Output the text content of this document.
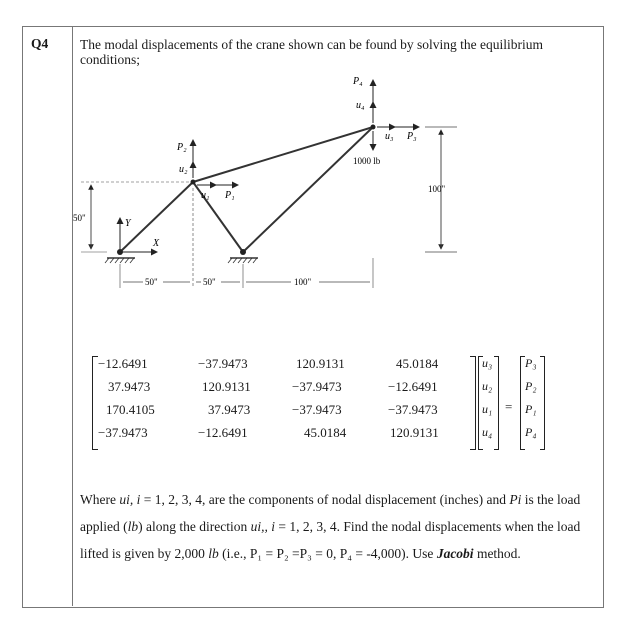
Q4 The modal displacements of the crane shown can be found by solving the equilibrium conditions;
Y
X
P₂
u₂
u₁ P₁
P₄
u₄
u₃ P₃
1000 lb
100"
50"
50"	50"	100"
−12.6491	−37.9473	120.9131	45.0184
37.9473	120.9131	−37.9473	−12.6491
170.4105	37.9473	−37.9473	−37.9473
−37.9473	−12.6491	45.0184	120.9131
u₃
u₂
u₁
u₄
=
P₃
P₂
P₁
P₄

Where ui, i = 1, 2, 3, 4, are the components of nodal displacement (inches) and Pi is the load applied (lb) along the direction ui,, i = 1, 2, 3, 4. Find the nodal displacements when the load lifted is given by 2,000 lb (i.e., P₁ = P₂ =P₃ = 0, P₄ = -4,000). Use Jacobi method.
